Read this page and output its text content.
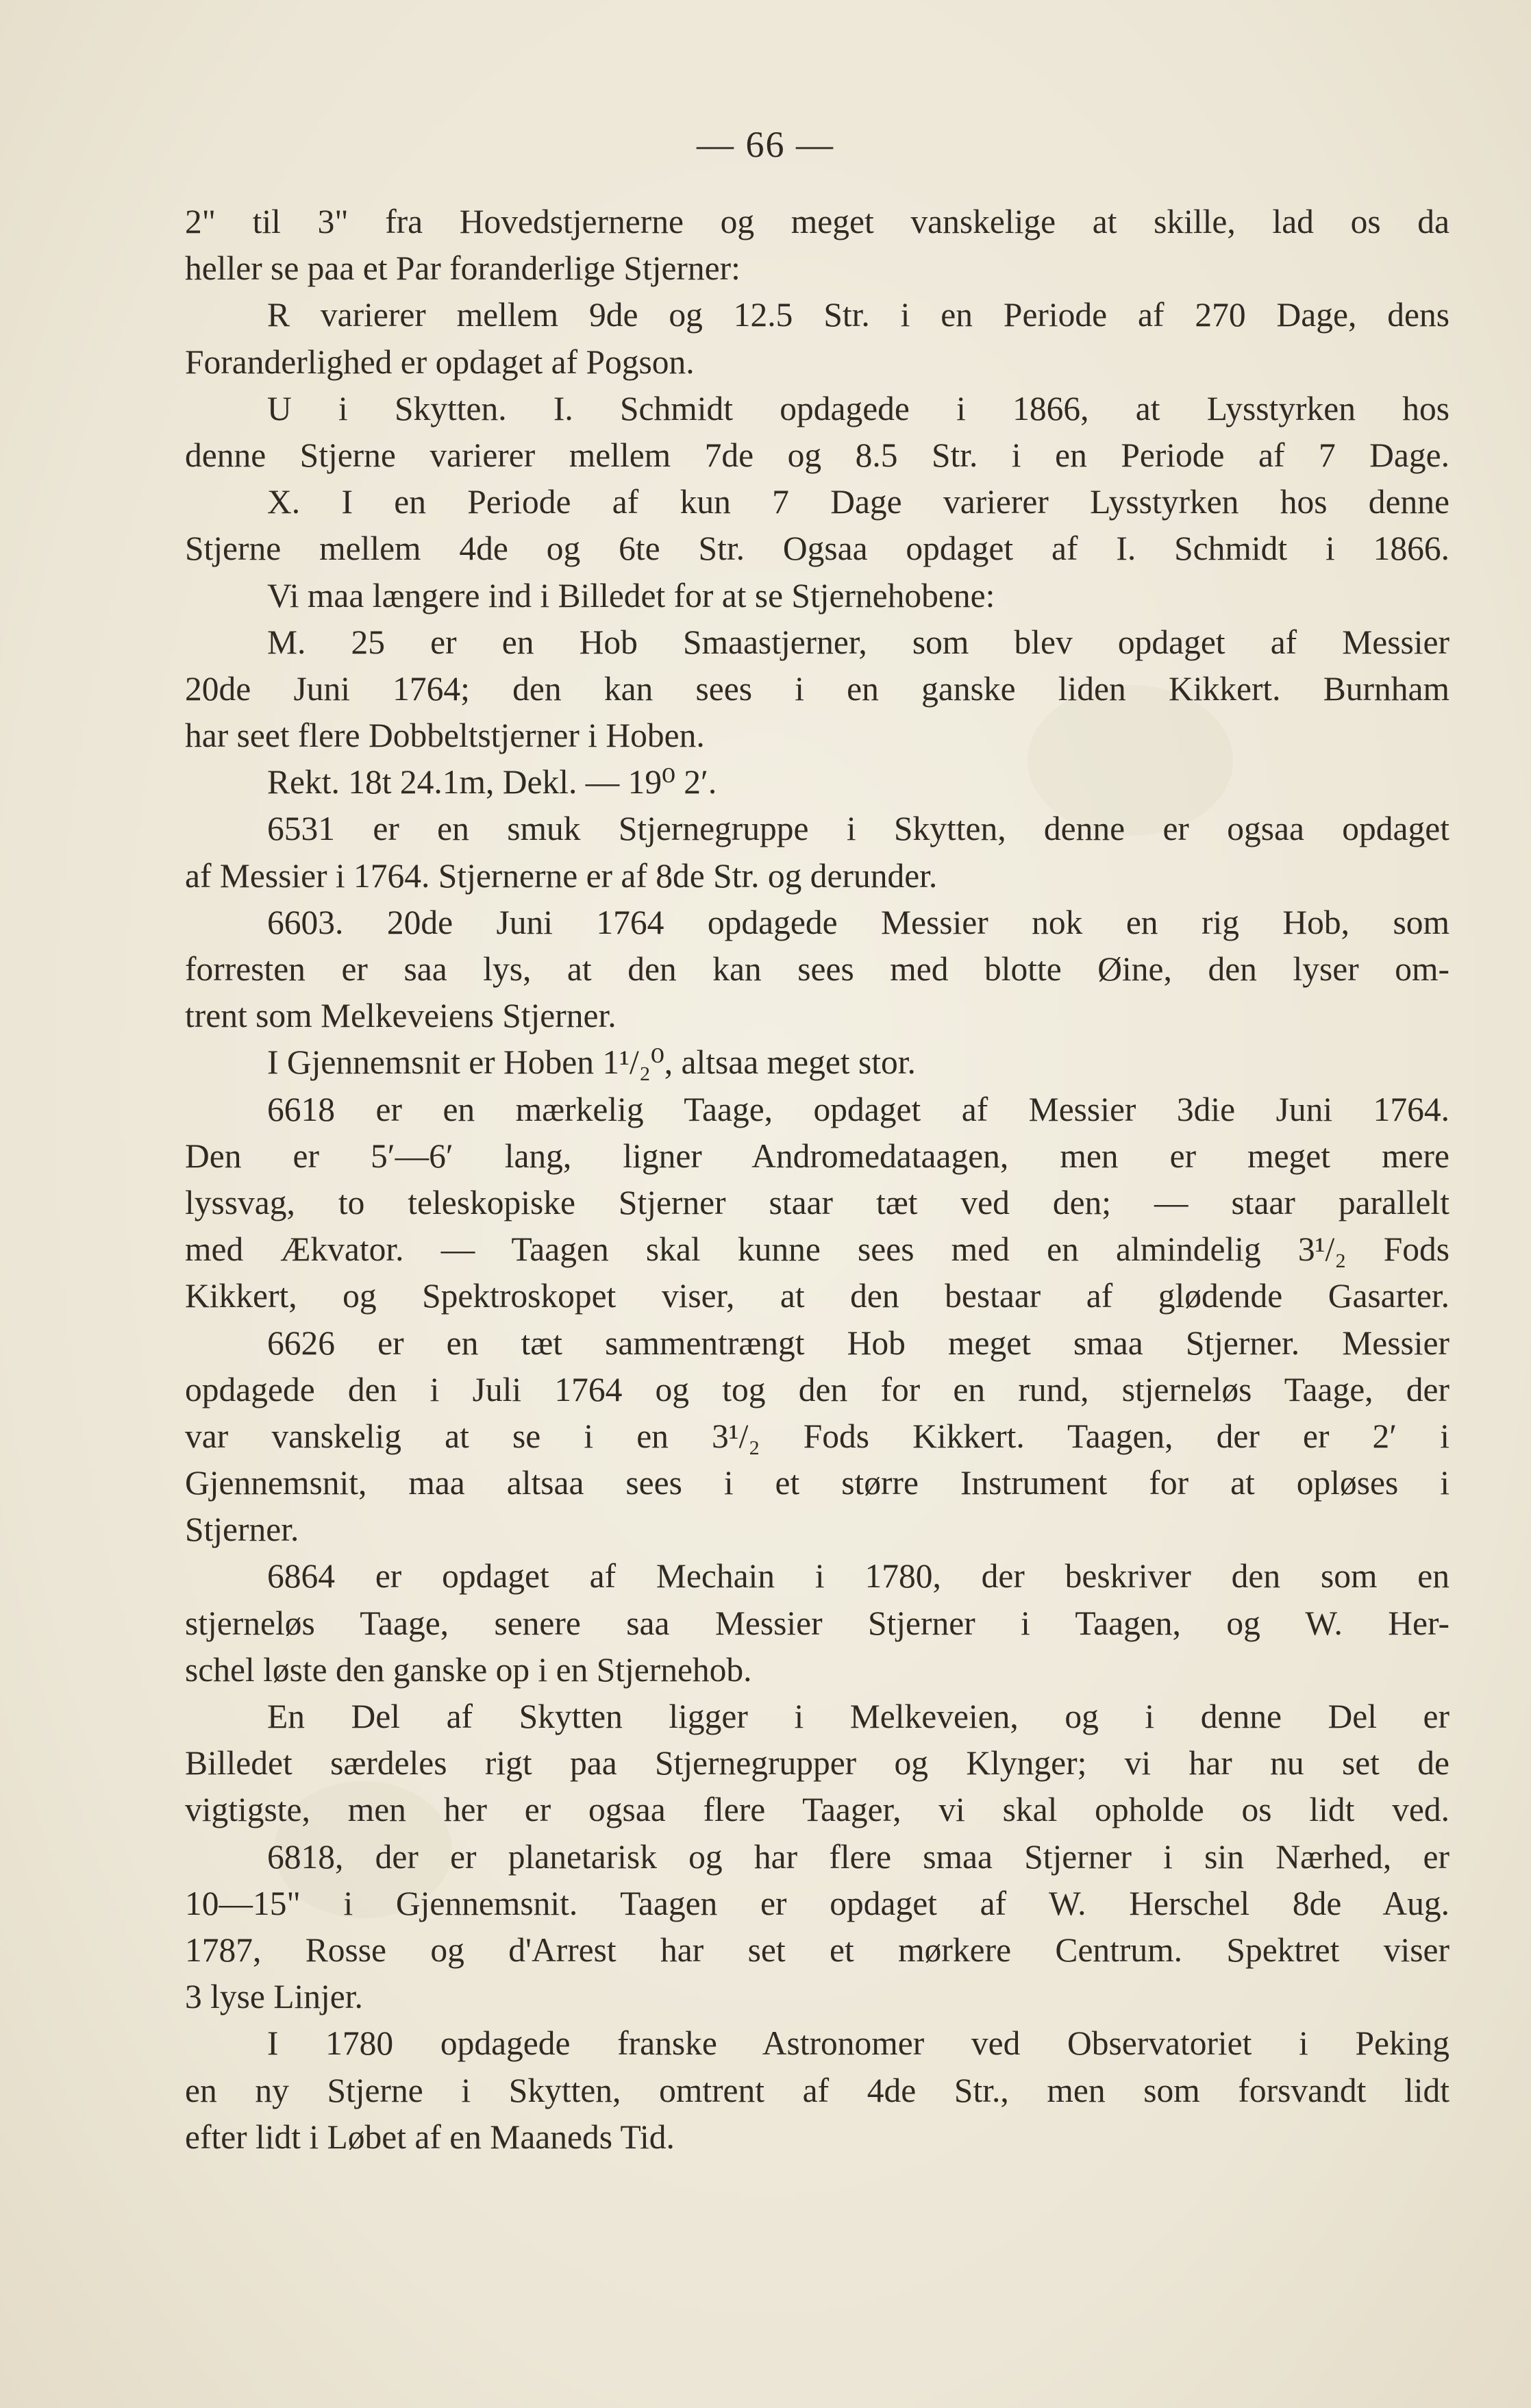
— 66 —
2" til 3" fra Hovedstjernerne og meget vanskelige at skille, lad os da
heller se paa et Par foranderlige Stjerner:
R varierer mellem 9de og 12.5 Str. i en Periode af 270 Dage, dens
Foranderlighed er opdaget af Pogson.
U i Skytten. I. Schmidt opdagede i 1866, at Lysstyrken hos
denne Stjerne varierer mellem 7de og 8.5 Str. i en Periode af 7 Dage.
X. I en Periode af kun 7 Dage varierer Lysstyrken hos denne
Stjerne mellem 4de og 6te Str. Ogsaa opdaget af I. Schmidt i 1866.
Vi maa længere ind i Billedet for at se Stjernehobene:
M. 25 er en Hob Smaastjerner, som blev opdaget af Messier
20de Juni 1764; den kan sees i en ganske liden Kikkert. Burnham
har seet flere Dobbeltstjerner i Hoben.
Rekt. 18t 24.1m, Dekl. — 19⁰ 2′.
6531 er en smuk Stjernegruppe i Skytten, denne er ogsaa opdaget
af Messier i 1764. Stjernerne er af 8de Str. og derunder.
6603. 20de Juni 1764 opdagede Messier nok en rig Hob, som
forresten er saa lys, at den kan sees med blotte Øine, den lyser om-
trent som Melkeveiens Stjerner.
I Gjennemsnit er Hoben 1¹/₂⁰, altsaa meget stor.
6618 er en mærkelig Taage, opdaget af Messier 3die Juni 1764.
Den er 5′—6′ lang, ligner Andromedataagen, men er meget mere
lyssvag, to teleskopiske Stjerner staar tæt ved den; — staar parallelt
med Ækvator. — Taagen skal kunne sees med en almindelig 3¹/₂ Fods
Kikkert, og Spektroskopet viser, at den bestaar af glødende Gasarter.
6626 er en tæt sammentrængt Hob meget smaa Stjerner. Messier
opdagede den i Juli 1764 og tog den for en rund, stjerneløs Taage, der
var vanskelig at se i en 3¹/₂ Fods Kikkert. Taagen, der er 2′ i
Gjennemsnit, maa altsaa sees i et større Instrument for at opløses i
Stjerner.
6864 er opdaget af Mechain i 1780, der beskriver den som en
stjerneløs Taage, senere saa Messier Stjerner i Taagen, og W. Her-
schel løste den ganske op i en Stjernehob.
En Del af Skytten ligger i Melkeveien, og i denne Del er
Billedet særdeles rigt paa Stjernegrupper og Klynger; vi har nu set de
vigtigste, men her er ogsaa flere Taager, vi skal opholde os lidt ved.
6818, der er planetarisk og har flere smaa Stjerner i sin Nærhed, er
10—15" i Gjennemsnit. Taagen er opdaget af W. Herschel 8de Aug.
1787, Rosse og d'Arrest har set et mørkere Centrum. Spektret viser
3 lyse Linjer.
I 1780 opdagede franske Astronomer ved Observatoriet i Peking
en ny Stjerne i Skytten, omtrent af 4de Str., men som forsvandt lidt
efter lidt i Løbet af en Maaneds Tid.
